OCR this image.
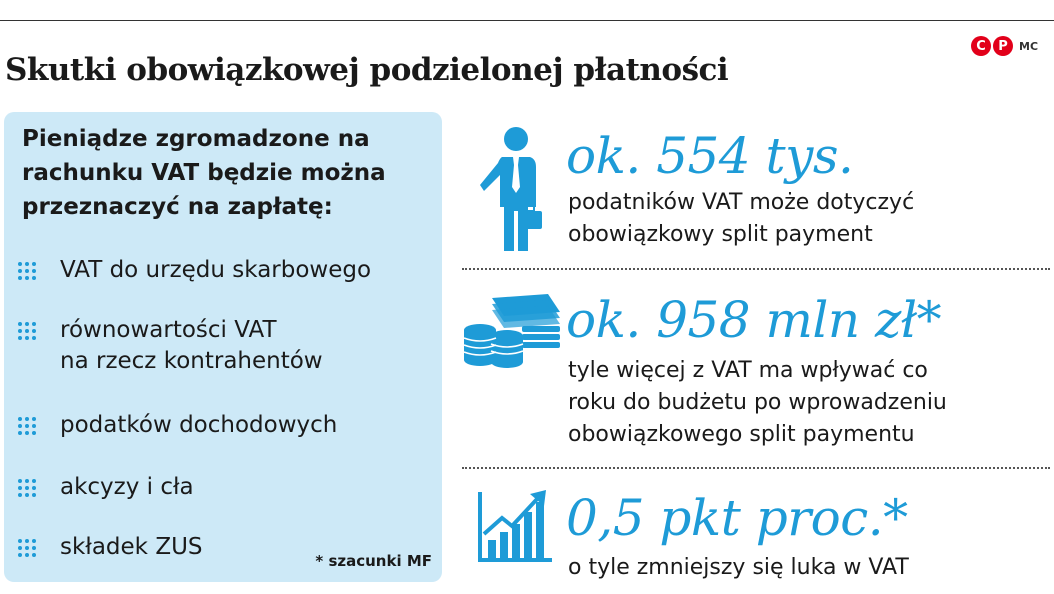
C P	MC
Skutki obowiązkowej podzielonej płatności
Pieniądze zgromadzone na
rachunku VAT będzie można
przeznaczyć na zapłatę:
VAT do urzędu skarbowego
równowartości VAT
na rzecz kontrahentów
podatków dochodowych
akcyzy i cła
składek ZUS
* szacunki MF
ok. 554 tys.
podatników VAT może dotyczyć
obowiązkowy split payment
ok. 958 mln zł*
tyle więcej z VAT ma wpływać co
roku do budżetu po wprowadzeniu
obowiązkowego split paymentu
0,5 pkt proc.*
o tyle zmniejszy się luka w VAT
